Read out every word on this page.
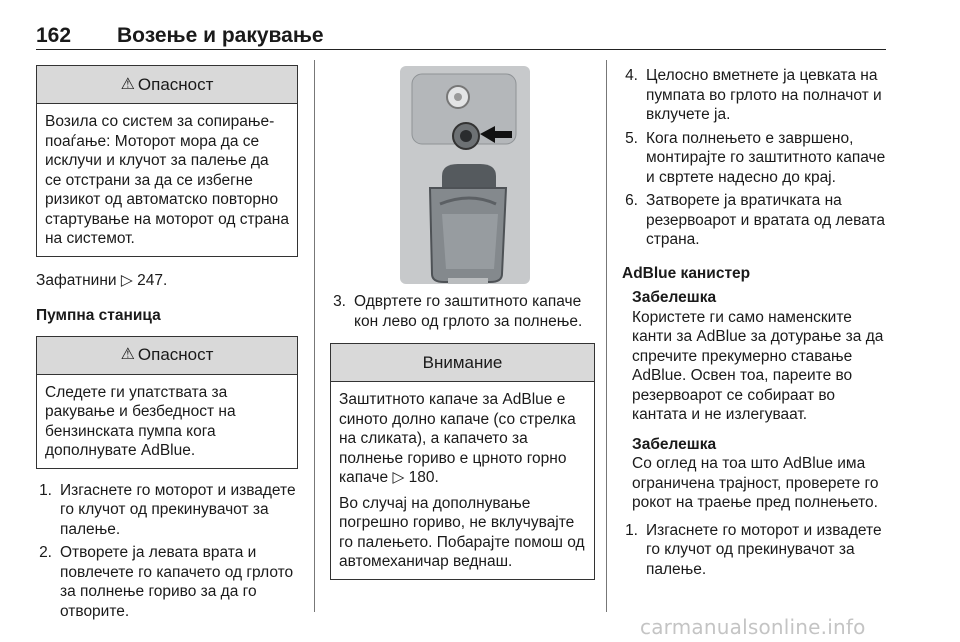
162 Возење и ракување
⚠ Опасност

Возила со систем за сопирање-поаѓање: Моторот мора да се исклучи и клучот за палење да се отстрани за да се избегне ризикот од автоматско повторно стартување на моторот од страна на системот.

Зафатнини ▷ 247.

Пумпна станица

⚠ Опасност

Следете ги упатствата за ракување и безбедност на бензинската пумпа кога дополнувате AdBlue.

1. Изгаснете го моторот и извадете го клучот од прекинувачот за палење.
2. Отворете ја левата врата и повлечете го капачето од грлото за полнење гориво за да го отворите.
3. Одвртете го заштитното капаче кон лево од грлото за полнење.
Внимание

Заштитното капаче за AdBlue е синото долно капаче (со стрелка на сликата), а капачето за полнење гориво е црното горно капаче ▷ 180.

Во случај на дополнување погрешно гориво, не вклучувајте го палењето. Побарајте помош од автомеханичар веднаш.

4. Целосно вметнете ја цевката на пумпата во грлото на полначот и вклучете ја.
5. Кога полнењето е завршено, монтирајте го заштитното капаче и свртете надесно до крај.
6. Затворете ја вратичката на резервоарот и вратата од левата страна.

AdBlue канистер

Забелешка

Користете ги само наменските канти за AdBlue за дотурање за да спречите прекумерно ставање AdBlue. Освен тоа, пареите во резервоарот се собираат во кантата и не излегуваат.

Забелешка

Со оглед на тоа што AdBlue има ограничена трајност, проверете го рокот на траење пред полнењето.

1. Изгаснете го моторот и извадете го клучот од прекинувачот за палење.
carmanualsonline.info
